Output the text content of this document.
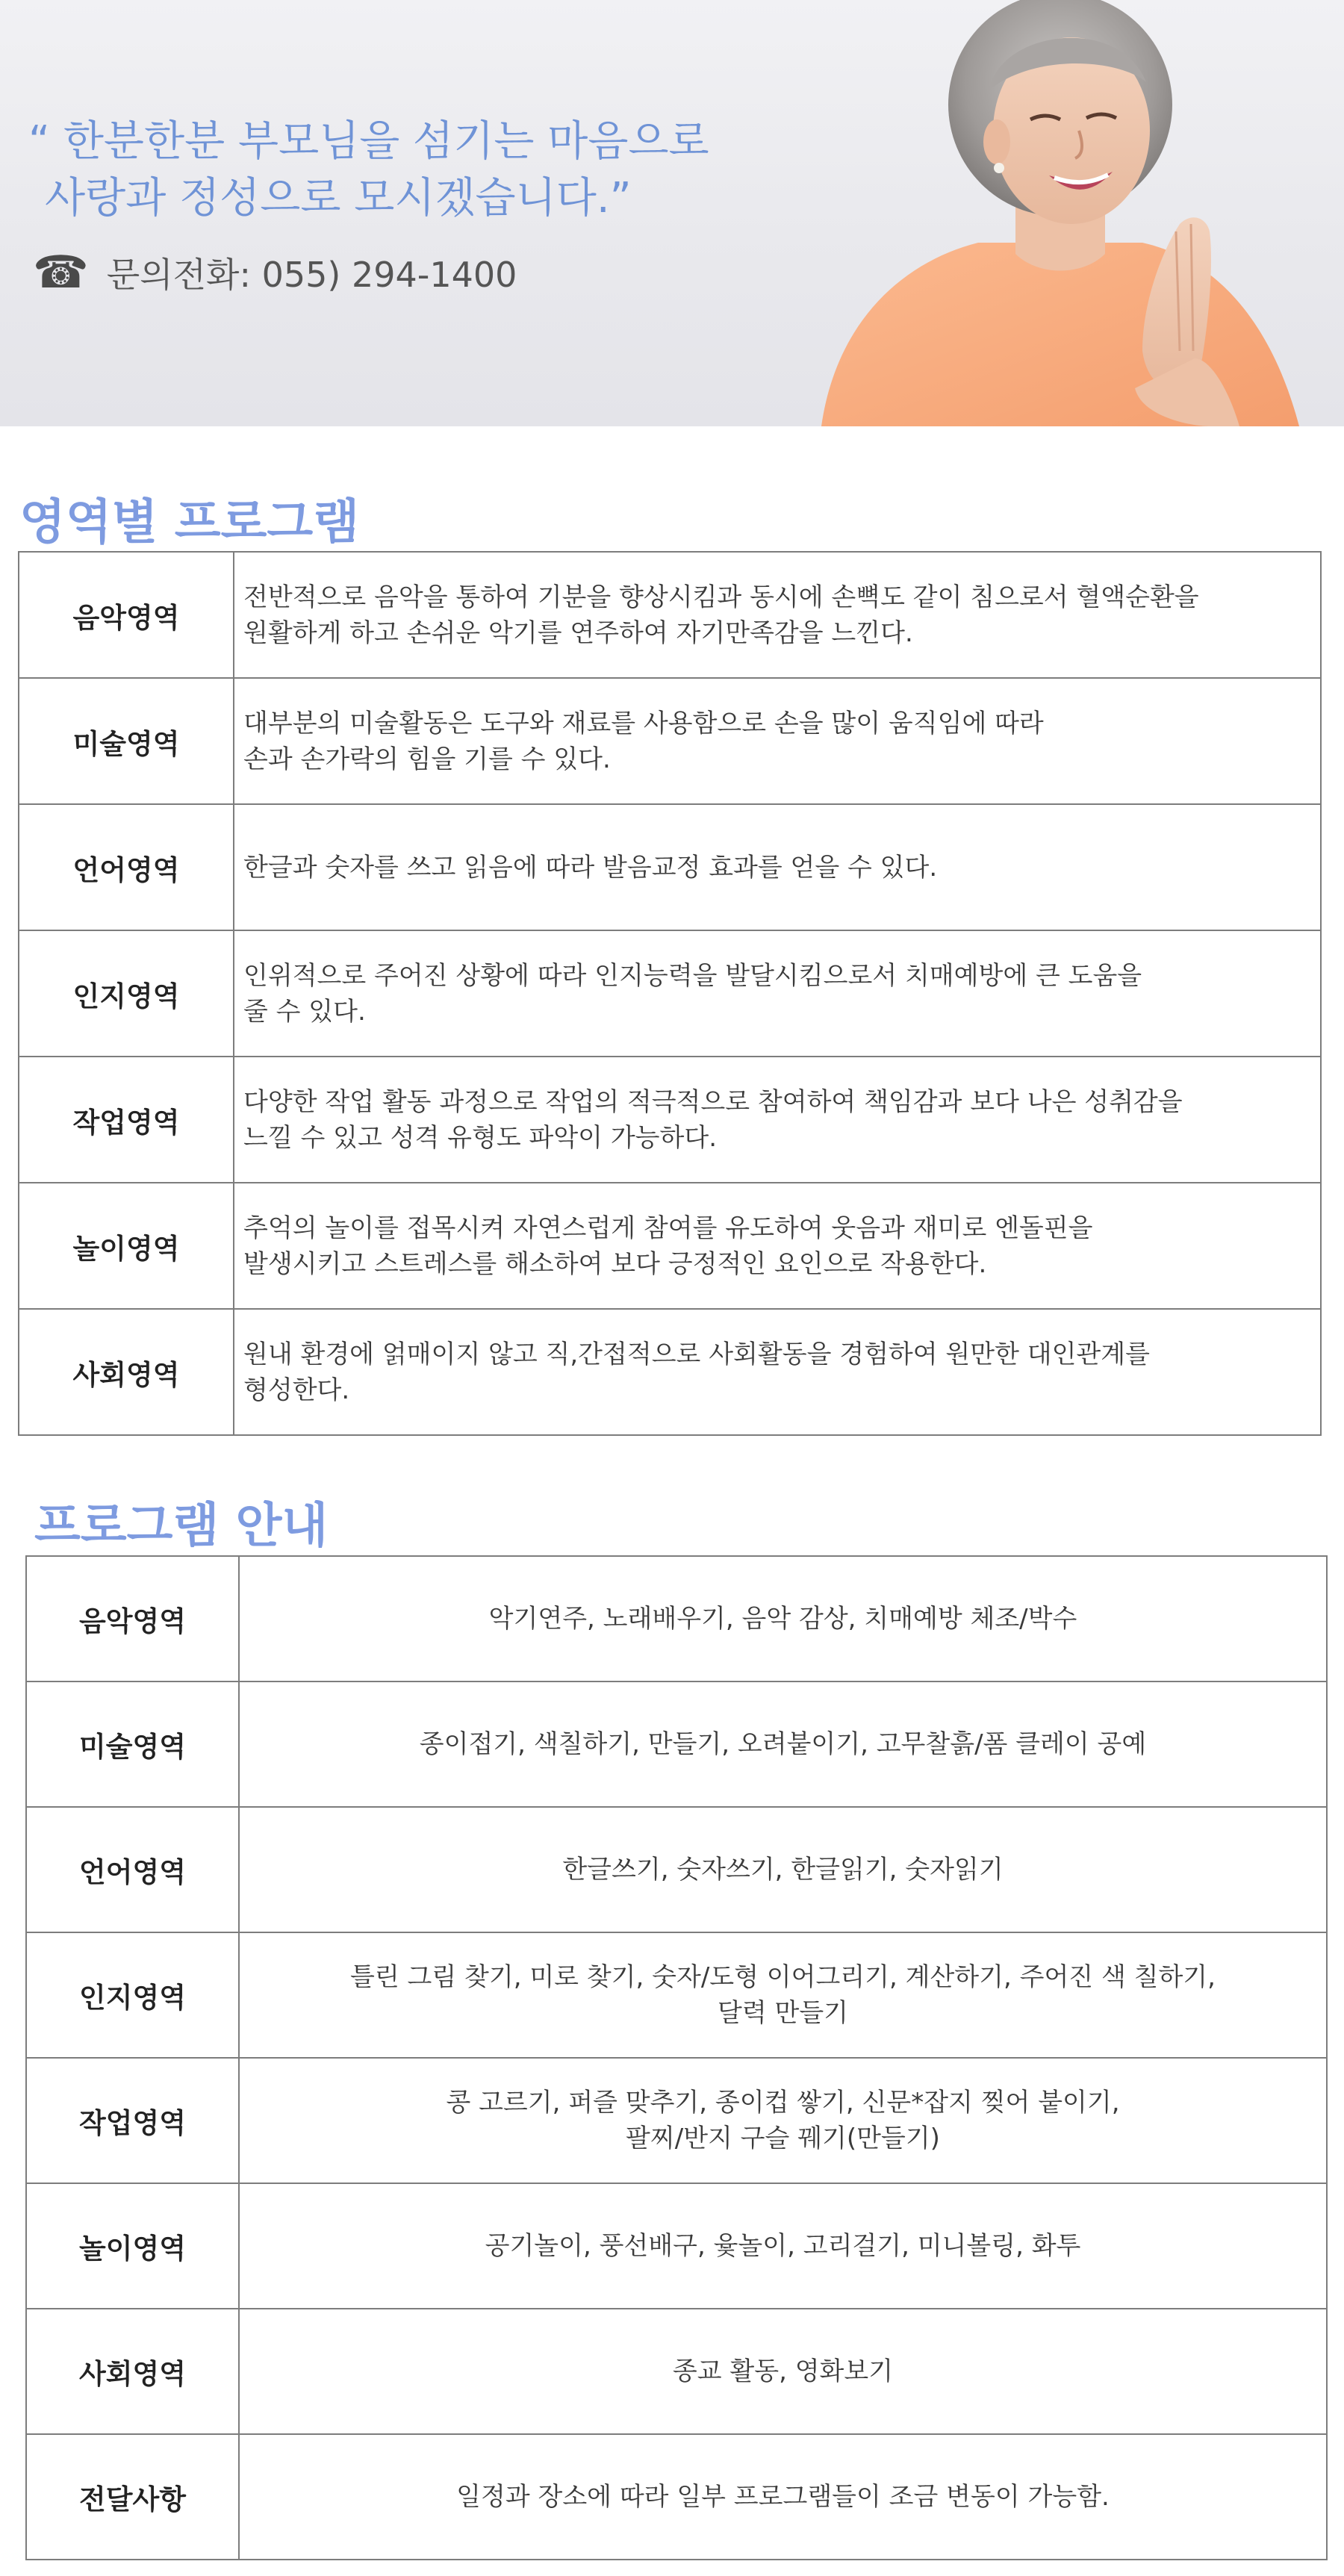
“ 한분한분 부모님을 섬기는 마음으로
사랑과 정성으로 모시겠습니다.”
☎ 문의전화: 055) 294-1400
영역별 프로그램
음악영역	전반적으로 음악을 통하여 기분을 향상시킴과 동시에 손뼉도 같이 침으로서 혈액순환을
원활하게 하고 손쉬운 악기를 연주하여 자기만족감을 느낀다.
미술영역	대부분의 미술활동은 도구와 재료를 사용함으로 손을 많이 움직임에 따라
손과 손가락의 힘을 기를 수 있다.
언어영역	한글과 숫자를 쓰고 읽음에 따라 발음교정 효과를 얻을 수 있다.
인지영역	인위적으로 주어진 상황에 따라 인지능력을 발달시킴으로서 치매예방에 큰 도움을
줄 수 있다.
작업영역	다양한 작업 활동 과정으로 작업의 적극적으로 참여하여 책임감과 보다 나은 성취감을
느낄 수 있고 성격 유형도 파악이 가능하다.
놀이영역	추억의 놀이를 접목시켜 자연스럽게 참여를 유도하여 웃음과 재미로 엔돌핀을
발생시키고 스트레스를 해소하여 보다 긍정적인 요인으로 작용한다.
사회영역	원내 환경에 얽매이지 않고 직,간접적으로 사회활동을 경험하여 원만한 대인관계를
형성한다.
프로그램 안내
음악영역	악기연주, 노래배우기, 음악 감상, 치매예방 체조/박수
미술영역	종이접기, 색칠하기, 만들기, 오려붙이기, 고무찰흙/폼 클레이 공예
언어영역	한글쓰기, 숫자쓰기, 한글읽기, 숫자읽기
인지영역	틀린 그림 찾기, 미로 찾기, 숫자/도형 이어그리기, 계산하기, 주어진 색 칠하기,
달력 만들기
작업영역	콩 고르기, 퍼즐 맞추기, 종이컵 쌓기, 신문*잡지 찢어 붙이기,
팔찌/반지 구슬 꿰기(만들기)
놀이영역	공기놀이, 풍선배구, 윷놀이, 고리걸기, 미니볼링, 화투
사회영역	종교 활동, 영화보기
전달사항	일정과 장소에 따라 일부 프로그램들이 조금 변동이 가능함.
